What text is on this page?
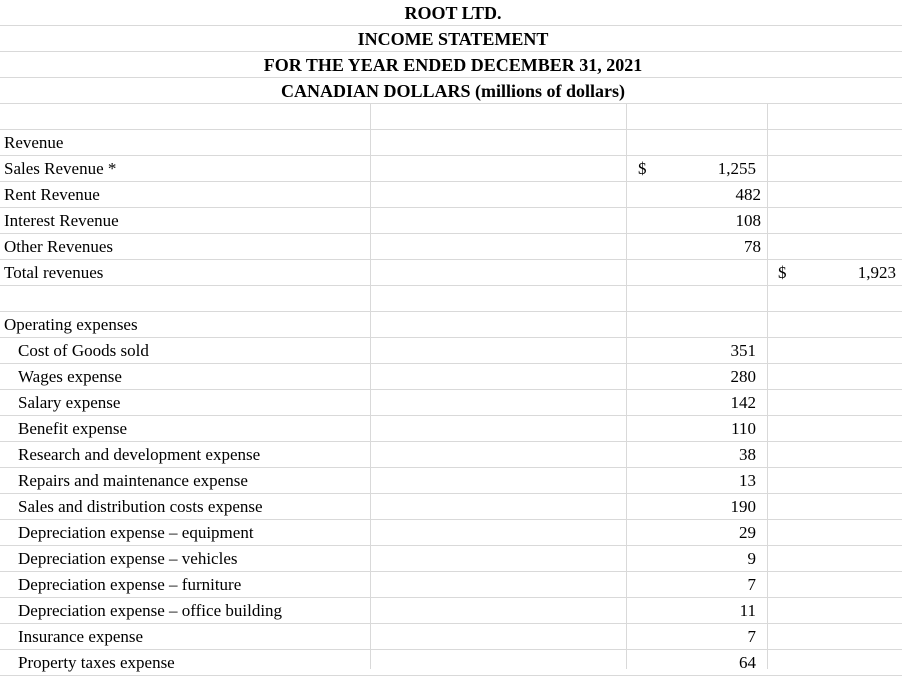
ROOT LTD.
INCOME STATEMENT
FOR THE YEAR ENDED DECEMBER 31, 2021
CANADIAN DOLLARS (millions of dollars)
Revenue
Sales Revenue *	$	1,255
Rent Revenue	482
Interest Revenue	108
Other Revenues	78
Total revenues	$	1,923
Operating expenses
Cost of Goods sold	351
Wages expense	280
Salary expense	142
Benefit expense	110
Research and development expense	38
Repairs and maintenance expense	13
Sales and distribution costs expense	190
Depreciation expense – equipment	29
Depreciation expense – vehicles	9
Depreciation expense – furniture	7
Depreciation expense – office building	11
Insurance expense	7
Property taxes expense	64
